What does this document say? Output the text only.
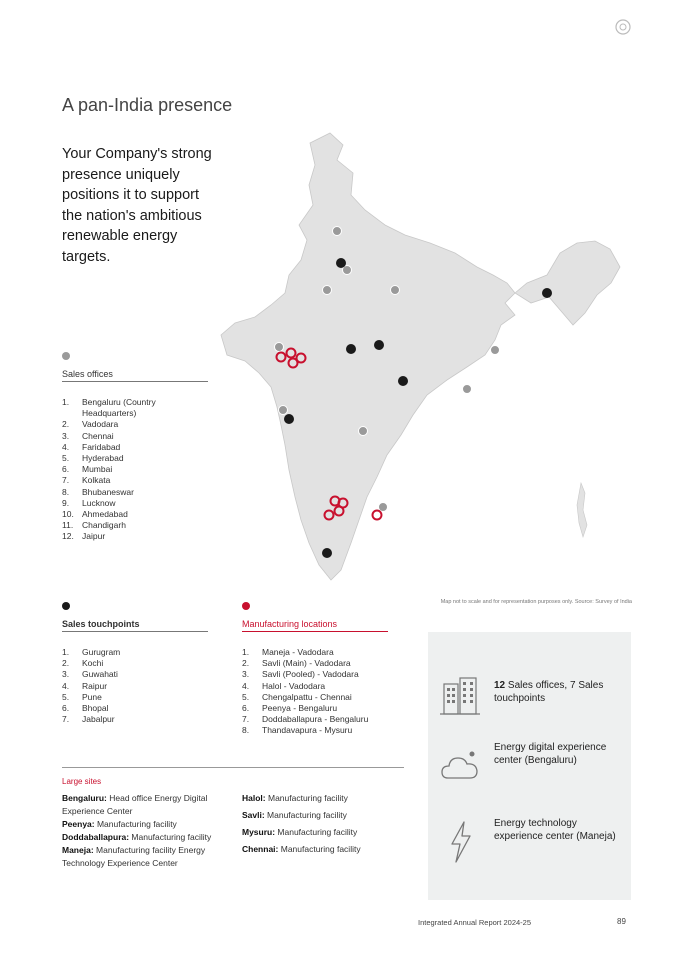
A pan-India presence

Your Company's strong presence uniquely positions it to support the nation's ambitious renewable energy targets.

Sales offices
1.	Bengaluru (Country Headquarters)
2.	Vadodara
3.	Chennai
4.	Faridabad
5.	Hyderabad
6.	Mumbai
7.	Kolkata
8.	Bhubaneswar
9.	Lucknow
10. Ahmedabad
11.	Chandigarh
12. Jaipur
Sales touchpoints
1.	Gurugram
2.	Kochi
3.	Guwahati
4.	Raipur
5.	Pune
6.	Bhopal
7.	Jabalpur
Manufacturing locations
1.	Maneja - Vadodara
2.	Savli (Main) - Vadodara
3.	Savli (Pooled) - Vadodara
4.	Halol - Vadodara
5.	Chengalpattu - Chennai
6.	Peenya - Bengaluru
7.	Doddaballapura - Bengaluru
8.	Thandavapura - Mysuru
Map not to scale and for representation purposes only. Source: Survey of India
Large sites
Bengaluru: Head office Energy Digital Experience Center
Peenya: Manufacturing facility
Doddaballapura: Manufacturing facility
Maneja: Manufacturing facility Energy Technology Experience Center
Halol: Manufacturing facility
Savli: Manufacturing facility
Mysuru: Manufacturing facility
Chennai: Manufacturing facility
12 Sales offices, 7 Sales touchpoints
Energy digital experience center (Bengaluru)
Energy technology experience center (Maneja)
Integrated Annual Report 2024-25	89
